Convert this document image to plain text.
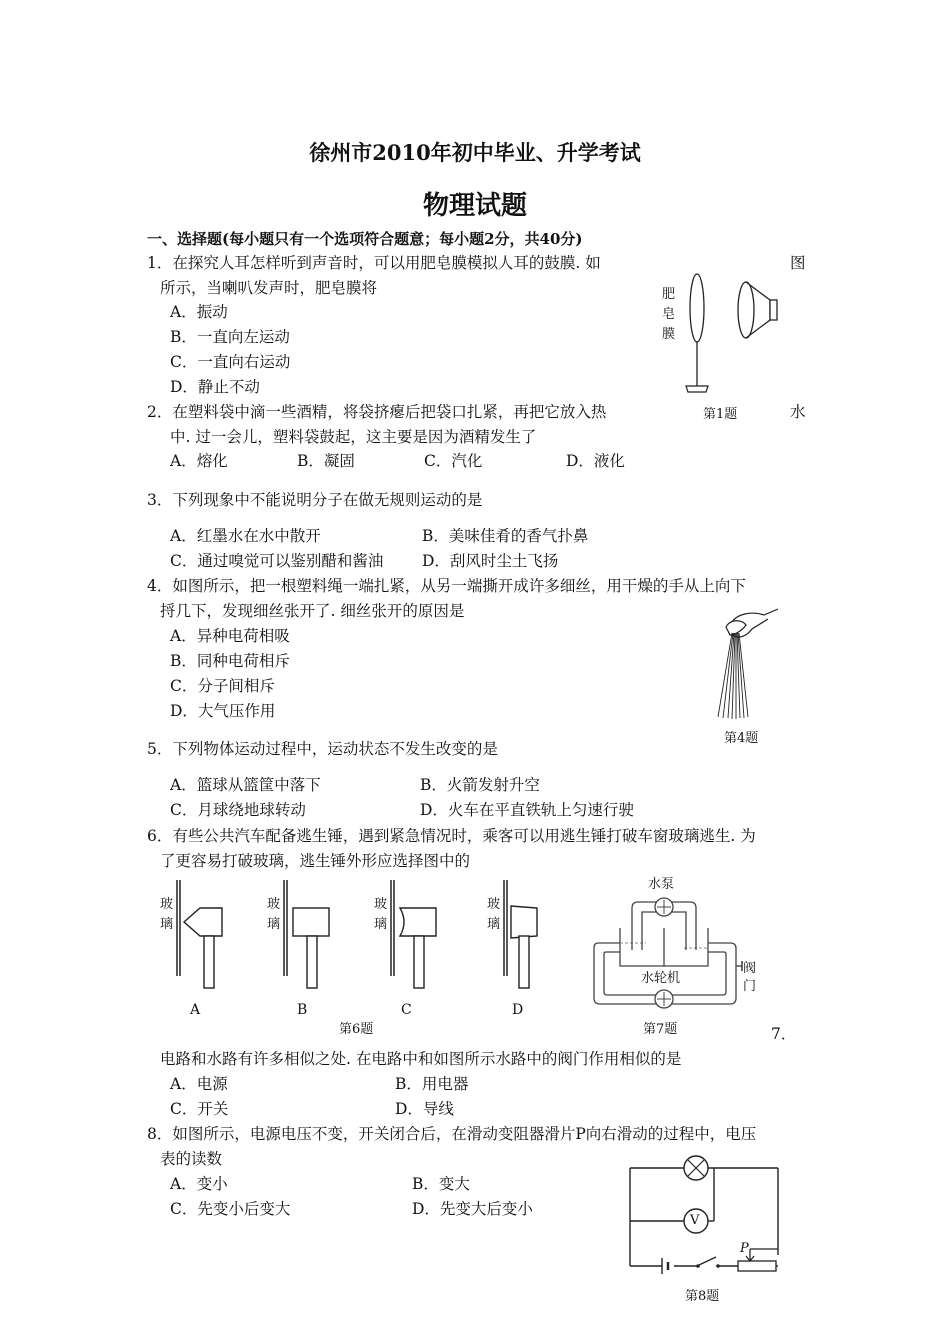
徐州市2010年初中毕业、升学考试
物理试题
一、选择题(每小题只有一个选项符合题意；每小题2分，共40分)
1．在探究人耳怎样听到声音时，可以用肥皂膜模拟人耳的鼓膜. 如	图
所示，当喇叭发声时，肥皂膜将
A．振动
B．一直向左运动
C．一直向右运动
D．静止不动
肥
皂
膜
第1题
2．在塑料袋中滴一些酒精，将袋挤瘪后把袋口扎紧，再把它放入热	水
中. 过一会儿，塑料袋鼓起，这主要是因为酒精发生了
A．熔化	B．凝固	C．汽化	D．液化
3．下列现象中不能说明分子在做无规则运动的是
A．红墨水在水中散开	B．美味佳肴的香气扑鼻
C．通过嗅觉可以鉴别醋和酱油 D．刮风时尘土飞扬
4．如图所示，把一根塑料绳一端扎紧，从另一端撕开成许多细丝，用干燥的手从上向下
捋几下，发现细丝张开了. 细丝张开的原因是
A．异种电荷相吸
B．同种电荷相斥
C．分子间相斥
D．大气压作用
第4题
5．下列物体运动过程中，运动状态不发生改变的是
A．篮球从篮筐中落下	B．火箭发射升空
C．月球绕地球转动	D．火车在平直铁轨上匀速行驶
6．有些公共汽车配备逃生锤，遇到紧急情况时，乘客可以用逃生锤打破车窗玻璃逃生. 为
了更容易打破玻璃，逃生锤外形应选择图中的
玻
璃
玻
璃
玻
璃
玻
璃
A	B	C	D
第6题
水泵
水轮机
阀
门
第7题	7．
电路和水路有许多相似之处. 在电路中和如图所示水路中的阀门作用相似的是
A．电源	B．用电器
C．开关	D．导线
8．如图所示，电源电压不变，开关闭合后，在滑动变阻器滑片P向右滑动的过程中，电压
表的读数
A．变小	B．变大
C．先变小后变大	D．先变大后变小
V
P
第8题
